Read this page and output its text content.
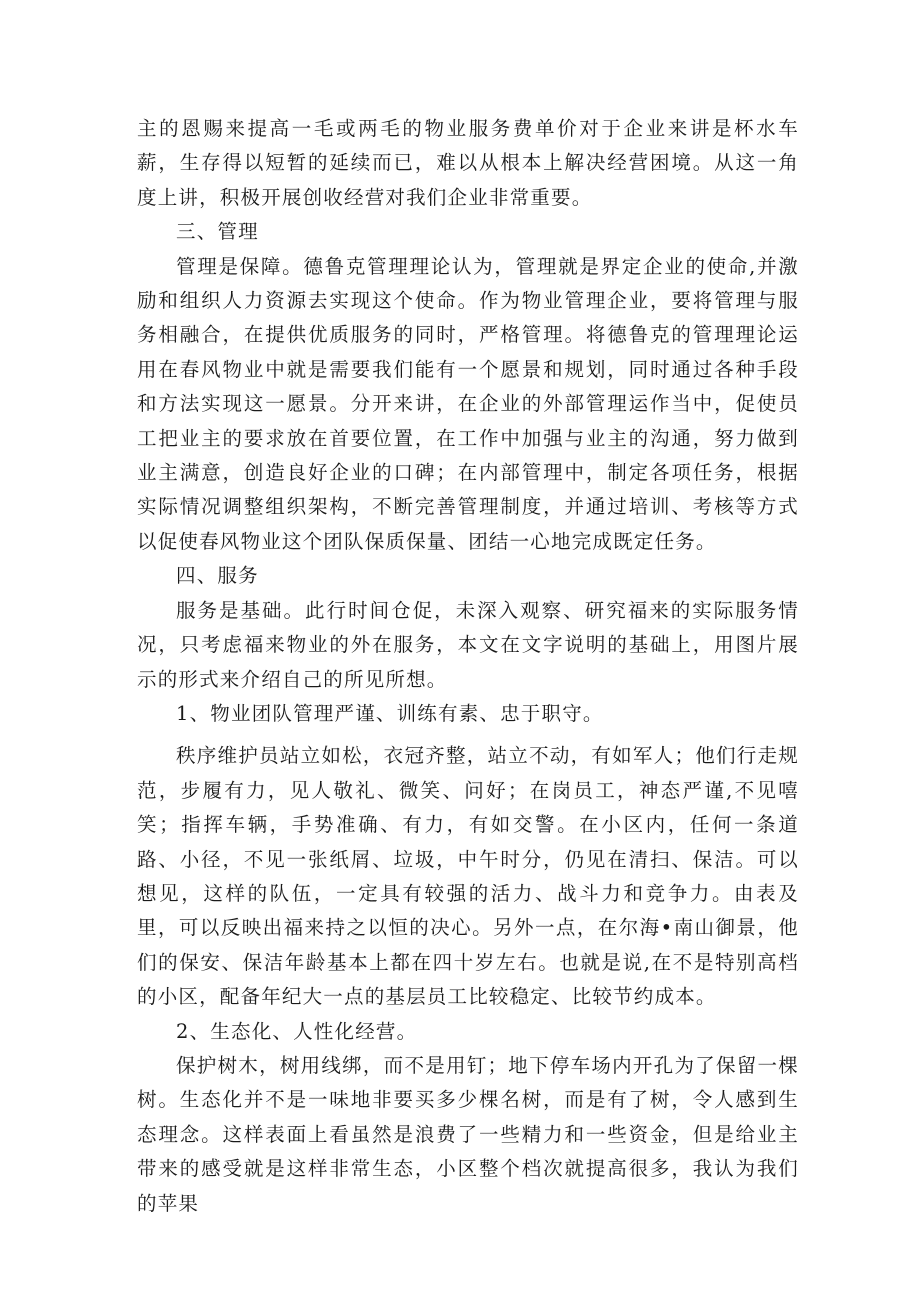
主的恩赐来提高一毛或两毛的物业服务费单价对于企业来讲是杯水车薪，生存得以短暂的延续而已，难以从根本上解决经营困境。从这一角度上讲，积极开展创收经营对我们企业非常重要。

三、管理

管理是保障。德鲁克管理理论认为，管理就是界定企业的使命,并激励和组织人力资源去实现这个使命。作为物业管理企业，要将管理与服务相融合，在提供优质服务的同时，严格管理。将德鲁克的管理理论运用在春风物业中就是需要我们能有一个愿景和规划，同时通过各种手段和方法实现这一愿景。分开来讲，在企业的外部管理运作当中，促使员工把业主的要求放在首要位置，在工作中加强与业主的沟通，努力做到业主满意，创造良好企业的口碑；在内部管理中，制定各项任务，根据实际情况调整组织架构，不断完善管理制度，并通过培训、考核等方式以促使春风物业这个团队保质保量、团结一心地完成既定任务。

四、服务

服务是基础。此行时间仓促，未深入观察、研究福来的实际服务情况，只考虑福来物业的外在服务，本文在文字说明的基础上，用图片展示的形式来介绍自己的所见所想。

1、物业团队管理严谨、训练有素、忠于职守。

秩序维护员站立如松，衣冠齐整，站立不动，有如军人；他们行走规范，步履有力，见人敬礼、微笑、问好；在岗员工，神态严谨,不见嘻笑；指挥车辆，手势准确、有力，有如交警。在小区内，任何一条道路、小径，不见一张纸屑、垃圾，中午时分，仍见在清扫、保洁。可以想见，这样的队伍，一定具有较强的活力、战斗力和竞争力。由表及里，可以反映出福来持之以恒的决心。另外一点，在尔海•南山御景，他们的保安、保洁年龄基本上都在四十岁左右。也就是说,在不是特别高档的小区，配备年纪大一点的基层员工比较稳定、比较节约成本。

2、生态化、人性化经营。

保护树木，树用线绑，而不是用钉；地下停车场内开孔为了保留一棵树。生态化并不是一味地非要买多少棵名树，而是有了树，令人感到生态理念。这样表面上看虽然是浪费了一些精力和一些资金，但是给业主带来的感受就是这样非常生态，小区整个档次就提高很多，我认为我们的苹果
